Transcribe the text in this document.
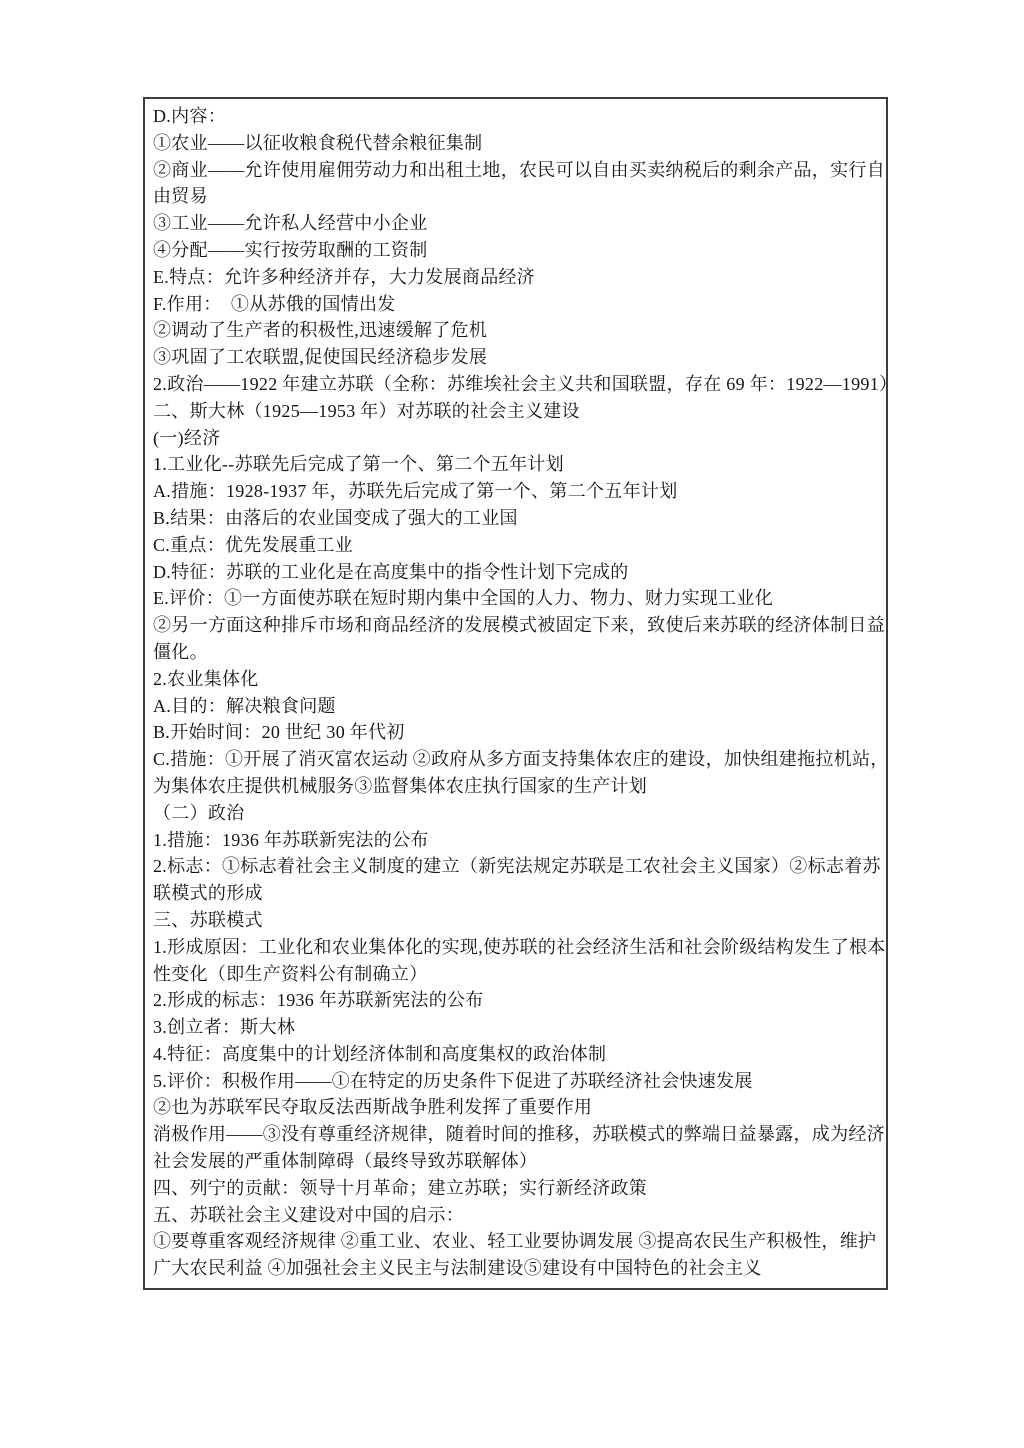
D.内容：
①农业——以征收粮食税代替余粮征集制
②商业——允许使用雇佣劳动力和出租土地，农民可以自由买卖纳税后的剩余产品，实行自
由贸易
③工业——允许私人经营中小企业
④分配——实行按劳取酬的工资制
E.特点：允许多种经济并存，大力发展商品经济
F.作用：　①从苏俄的国情出发
②调动了生产者的积极性,迅速缓解了危机
③巩固了工农联盟,促使国民经济稳步发展
2.政治——1922 年建立苏联（全称：苏维埃社会主义共和国联盟，存在 69 年：1922—1991）
二、斯大林（1925—1953 年）对苏联的社会主义建设
(一)经济
1.工业化--苏联先后完成了第一个、第二个五年计划
A.措施：1928-1937 年，苏联先后完成了第一个、第二个五年计划
B.结果：由落后的农业国变成了强大的工业国
C.重点：优先发展重工业
D.特征：苏联的工业化是在高度集中的指令性计划下完成的
E.评价：①一方面使苏联在短时期内集中全国的人力、物力、财力实现工业化
②另一方面这种排斥市场和商品经济的发展模式被固定下来，致使后来苏联的经济体制日益
僵化。
2.农业集体化
A.目的：解决粮食问题
B.开始时间：20 世纪 30 年代初
C.措施：①开展了消灭富农运动 ②政府从多方面支持集体农庄的建设，加快组建拖拉机站，
为集体农庄提供机械服务③监督集体农庄执行国家的生产计划
（二）政治
1.措施：1936 年苏联新宪法的公布
2.标志：①标志着社会主义制度的建立（新宪法规定苏联是工农社会主义国家）②标志着苏
联模式的形成
三、苏联模式
1.形成原因：工业化和农业集体化的实现,使苏联的社会经济生活和社会阶级结构发生了根本
性变化（即生产资料公有制确立）
2.形成的标志：1936 年苏联新宪法的公布
3.创立者：斯大林
4.特征：高度集中的计划经济体制和高度集权的政治体制
5.评价：积极作用——①在特定的历史条件下促进了苏联经济社会快速发展
②也为苏联军民夺取反法西斯战争胜利发挥了重要作用
消极作用——③没有尊重经济规律，随着时间的推移，苏联模式的弊端日益暴露，成为经济
社会发展的严重体制障碍（最终导致苏联解体）
四、列宁的贡献：领导十月革命；建立苏联；实行新经济政策
五、苏联社会主义建设对中国的启示：
①要尊重客观经济规律 ②重工业、农业、轻工业要协调发展 ③提高农民生产积极性，维护
广大农民利益 ④加强社会主义民主与法制建设⑤建设有中国特色的社会主义
